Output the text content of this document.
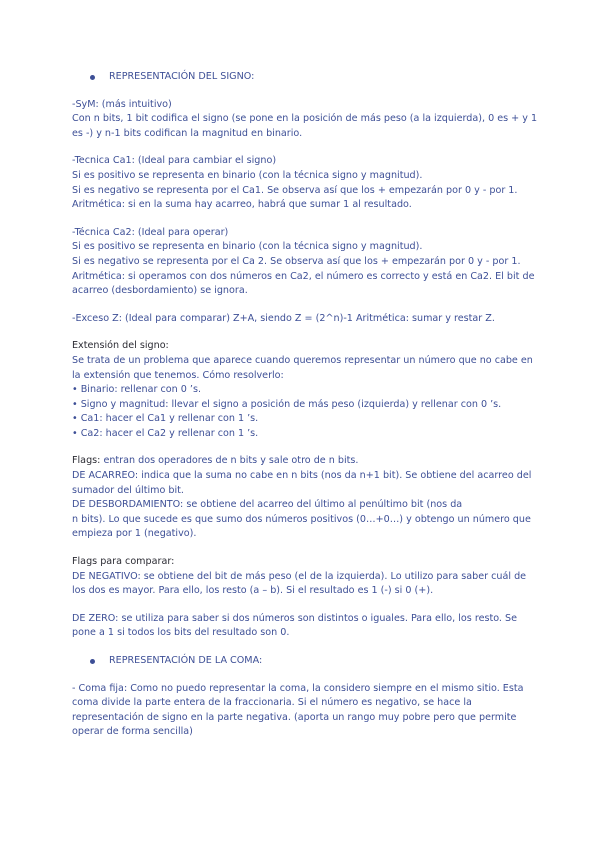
REPRESENTACIÓN DEL SIGNO:

-SyM: (más intuitivo)

Con n bits, 1 bit codifica el signo (se pone en la posición de más peso (a la izquierda), 0 es + y 1

es -) y n-1 bits codifican la magnitud en binario.

-Tecnica Ca1: (Ideal para cambiar el signo)

Si es positivo se representa en binario (con la técnica signo y magnitud).

Si es negativo se representa por el Ca1. Se observa así que los + empezarán por 0 y - por 1.

Aritmética: si en la suma hay acarreo, habrá que sumar 1 al resultado.

-Técnica Ca2: (Ideal para operar)

Si es positivo se representa en binario (con la técnica signo y magnitud).

Si es negativo se representa por el Ca 2. Se observa así que los + empezarán por 0 y - por 1.

Aritmética: si operamos con dos números en Ca2, el número es correcto y está en Ca2. El bit de

acarreo (desbordamiento) se ignora.

-Exceso Z: (Ideal para comparar) Z+A, siendo Z = (2^n)-1 Aritmética: sumar y restar Z.

Extensión del signo:

Se trata de un problema que aparece cuando queremos representar un número que no cabe en

la extensión que tenemos. Cómo resolverlo:

• Binario: rellenar con 0 ’s.

• Signo y magnitud: llevar el signo a posición de más peso (izquierda) y rellenar con 0 ’s.

• Ca1: hacer el Ca1 y rellenar con 1 ’s.

• Ca2: hacer el Ca2 y rellenar con 1 ’s.

Flags: entran dos operadores de n bits y sale otro de n bits.

DE ACARREO: indica que la suma no cabe en n bits (nos da n+1 bit). Se obtiene del acarreo del

sumador del último bit.

DE DESBORDAMIENTO: se obtiene del acarreo del último al penúltimo bit (nos da

n bits). Lo que sucede es que sumo dos números positivos (0…+0…) y obtengo un número que

empieza por 1 (negativo).

Flags para comparar:

DE NEGATIVO: se obtiene del bit de más peso (el de la izquierda). Lo utilizo para saber cuál de

los dos es mayor. Para ello, los resto (a – b). Si el resultado es 1 (-) si 0 (+).

DE ZERO: se utiliza para saber si dos números son distintos o iguales. Para ello, los resto. Se

pone a 1 si todos los bits del resultado son 0.

REPRESENTACIÓN DE LA COMA:

- Coma fija: Como no puedo representar la coma, la considero siempre en el mismo sitio. Esta

coma divide la parte entera de la fraccionaria. Si el número es negativo, se hace la

representación de signo en la parte negativa. (aporta un rango muy pobre pero que permite

operar de forma sencilla)
